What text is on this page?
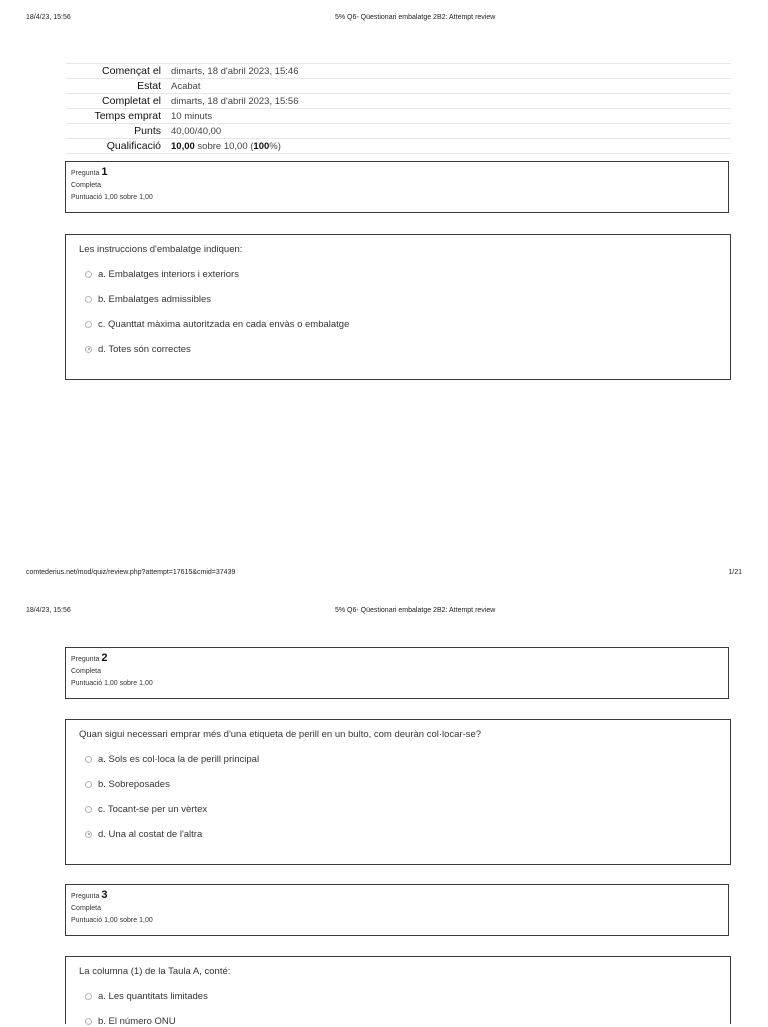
18/4/23, 15:56	5% Q6- Qüestionari embalatge 2B2: Attempt review
Començat el	dimarts, 18 d'abril 2023, 15:46
Estat	Acabat
Completat el	dimarts, 18 d'abril 2023, 15:56
Temps emprat	10 minuts
Punts	40,00/40,00
Qualificació	10,00 sobre 10,00 (100%)
Pregunta 1
Completa
Puntuació 1,00 sobre 1,00
Les instruccions d'embalatge indiquen:
a. Embalatges interiors i exteriors
b. Embalatges admissibles
c. Quanttat màxima autoritzada en cada envàs o embalatge
d. Totes són correctes
comtederius.net/mod/quiz/review.php?attempt=17615&cmid=37439	1/21
18/4/23, 15:56	5% Q6- Qüestionari embalatge 2B2: Attempt review
Pregunta 2
Completa
Puntuació 1,00 sobre 1,00
Quan sigui necessari emprar més d'una etiqueta de perill en un bulto, com deuràn col·locar-se?
a. Sols es col·loca la de perill principal
b. Sobreposades
c. Tocant-se per un vèrtex
d. Una al costat de l'altra
Pregunta 3
Completa
Puntuació 1,00 sobre 1,00
La columna (1) de la Taula A, conté:
a. Les quantitats limitades
b. El número ONU
